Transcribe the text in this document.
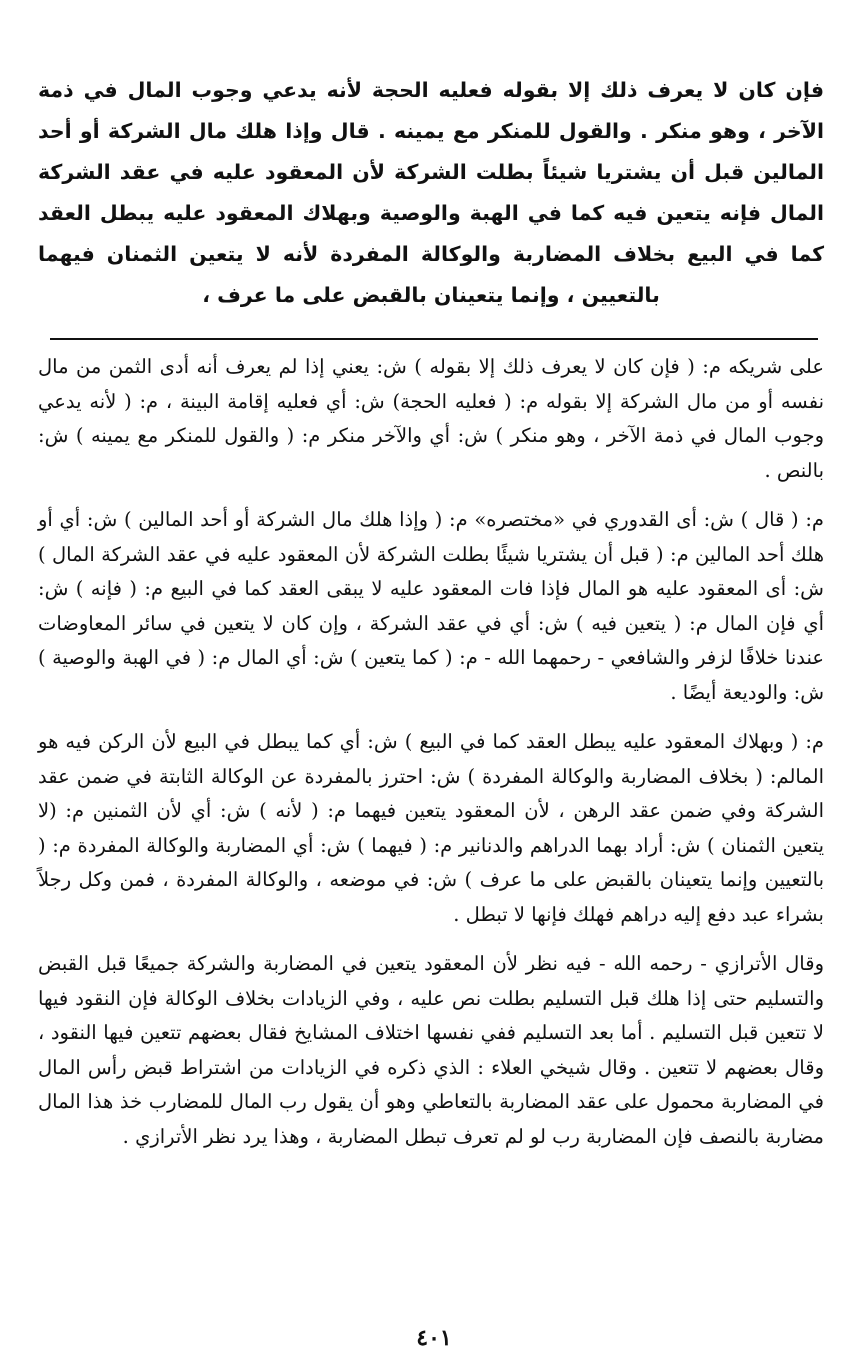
فإن كان لا يعرف ذلك إلا بقوله فعليه الحجة لأنه يدعي وجوب المال في ذمة الآخر ، وهو منكر . والقول للمنكر مع يمينه . قال وإذا هلك مال الشركة أو أحد المالين قبل أن يشتريا شيئاً بطلت الشركة لأن المعقود عليه في عقد الشركة المال فإنه يتعين فيه كما في الهبة والوصية وبهلاك المعقود عليه يبطل العقد كما في البيع بخلاف المضاربة والوكالة المفردة لأنه لا يتعين الثمنان فيهما بالتعيين ، وإنما يتعينان بالقبض على ما عرف ،

على شريكه م: ( فإن كان لا يعرف ذلك إلا بقوله ) ش: يعني إذا لم يعرف أنه أدى الثمن من مال نفسه أو من مال الشركة إلا بقوله م: ( فعليه الحجة) ش: أي فعليه إقامة البينة ، م: ( لأنه يدعي وجوب المال في ذمة الآخر ، وهو منكر ) ش: أي والآخر منكر م: ( والقول للمنكر مع يمينه ) ش: بالنص .

م: ( قال ) ش: أى القدوري في «مختصره» م: ( وإذا هلك مال الشركة أو أحد المالين ) ش: أي أو هلك أحد المالين م: ( قبل أن يشتريا شيئًا بطلت الشركة لأن المعقود عليه في عقد الشركة المال ) ش: أى المعقود عليه هو المال فإذا فات المعقود عليه لا يبقى العقد كما في البيع م: ( فإنه ) ش: أي فإن المال م: ( يتعين فيه ) ش: أي في عقد الشركة ، وإن كان لا يتعين في سائر المعاوضات عندنا خلافًا لزفر والشافعي - رحمهما الله - م: ( كما يتعين ) ش: أي المال م: ( في الهبة والوصية ) ش: والوديعة أيضًا .

م: ( وبهلاك المعقود عليه يبطل العقد كما في البيع ) ش: أي كما يبطل في البيع لأن الركن فيه هو المالم: ( بخلاف المضاربة والوكالة المفردة ) ش: احترز بالمفردة عن الوكالة الثابتة في ضمن عقد الشركة وفي ضمن عقد الرهن ، لأن المعقود يتعين فيهما م: ( لأنه ) ش: أي لأن الثمنين م: (لا يتعين الثمنان ) ش: أراد بهما الدراهم والدنانير م: ( فيهما ) ش: أي المضاربة والوكالة المفردة م: ( بالتعيين وإنما يتعينان بالقبض على ما عرف ) ش: في موضعه ، والوكالة المفردة ، فمن وكل رجلاً بشراء عبد دفع إليه دراهم فهلك فإنها لا تبطل .

وقال الأترازي - رحمه الله - فيه نظر لأن المعقود يتعين في المضاربة والشركة جميعًا قبل القبض والتسليم حتى إذا هلك قبل التسليم بطلت نص عليه ، وفي الزيادات بخلاف الوكالة فإن النقود فيها لا تتعين قبل التسليم . أما بعد التسليم ففي نفسها اختلاف المشايخ فقال بعضهم تتعين فيها النقود ، وقال بعضهم لا تتعين . وقال شيخي العلاء : الذي ذكره في الزيادات من اشتراط قبض رأس المال في المضاربة محمول على عقد المضاربة بالتعاطي وهو أن يقول رب المال للمضارب خذ هذا المال مضاربة بالنصف فإن المضاربة رب لو لم تعرف تبطل المضاربة ، وهذا يرد نظر الأترازي .

٤٠١
